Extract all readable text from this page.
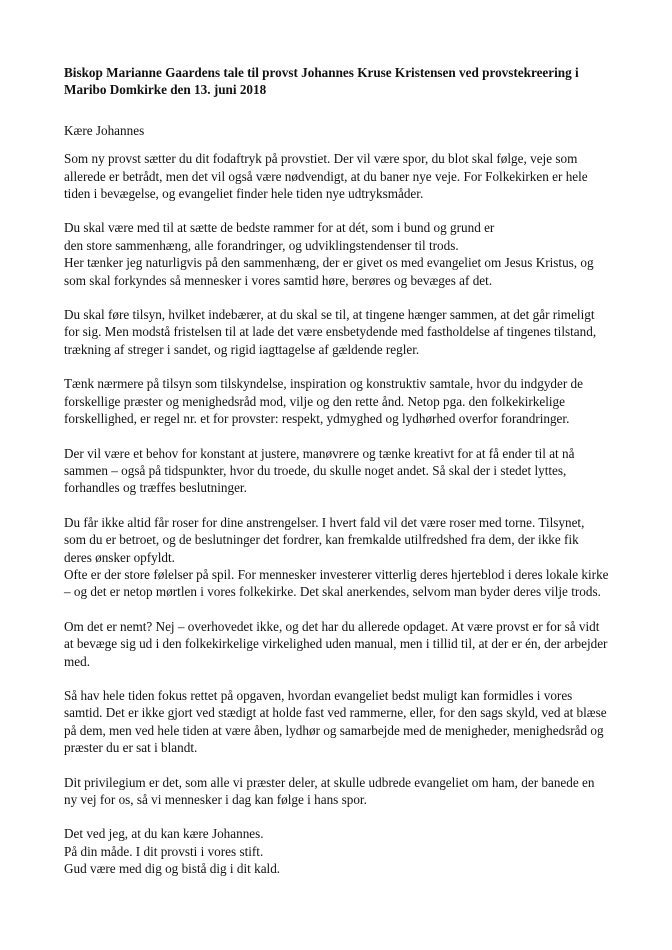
Biskop Marianne Gaardens tale til provst Johannes Kruse Kristensen ved provstekreering i
Maribo Domkirke den 13. juni 2018
Kære Johannes
Som ny provst sætter du dit fodaftryk på provstiet. Der vil være spor, du blot skal følge, veje som
allerede er betrådt, men det vil også være nødvendigt, at du baner nye veje. For Folkekirken er hele
tiden i bevægelse, og evangeliet finder hele tiden nye udtryksmåder.
Du skal være med til at sætte de bedste rammer for at dét, som i bund og grund er
den store sammenhæng, alle forandringer, og udviklingstendenser til trods.
Her tænker jeg naturligvis på den sammenhæng, der er givet os med evangeliet om Jesus Kristus, og
som skal forkyndes så mennesker i vores samtid høre, berøres og bevæges af det.
Du skal føre tilsyn, hvilket indebærer, at du skal se til, at tingene hænger sammen, at det går rimeligt
for sig. Men modstå fristelsen til at lade det være ensbetydende med fastholdelse af tingenes tilstand,
trækning af streger i sandet, og rigid iagttagelse af gældende regler.
Tænk nærmere på tilsyn som tilskyndelse, inspiration og konstruktiv samtale, hvor du indgyder de
forskellige præster og menighedsråd mod, vilje og den rette ånd. Netop pga. den folkekirkelige
forskellighed, er regel nr. et for provster: respekt, ydmyghed og lydhørhed overfor forandringer.
Der vil være et behov for konstant at justere, manøvrere og tænke kreativt for at få ender til at nå
sammen – også på tidspunkter, hvor du troede, du skulle noget andet. Så skal der i stedet lyttes,
forhandles og træffes beslutninger.
Du får ikke altid får roser for dine anstrengelser. I hvert fald vil det være roser med torne. Tilsynet,
som du er betroet, og de beslutninger det fordrer, kan fremkalde utilfredshed fra dem, der ikke fik
deres ønsker opfyldt.
Ofte er der store følelser på spil. For mennesker investerer vitterlig deres hjerteblod i deres lokale kirke
– og det er netop mørtlen i vores folkekirke. Det skal anerkendes, selvom man byder deres vilje trods.
Om det er nemt? Nej – overhovedet ikke, og det har du allerede opdaget. At være provst er for så vidt
at bevæge sig ud i den folkekirkelige virkelighed uden manual, men i tillid til, at der er én, der arbejder
med.
Så hav hele tiden fokus rettet på opgaven, hvordan evangeliet bedst muligt kan formidles i vores
samtid. Det er ikke gjort ved stædigt at holde fast ved rammerne, eller, for den sags skyld, ved at blæse
på dem, men ved hele tiden at være åben, lydhør og samarbejde med de menigheder, menighedsråd og
præster du er sat i blandt.
Dit privilegium er det, som alle vi præster deler, at skulle udbrede evangeliet om ham, der banede en
ny vej for os, så vi mennesker i dag kan følge i hans spor.
Det ved jeg, at du kan kære Johannes.
På din måde. I dit provsti i vores stift.
Gud være med dig og bistå dig i dit kald.
